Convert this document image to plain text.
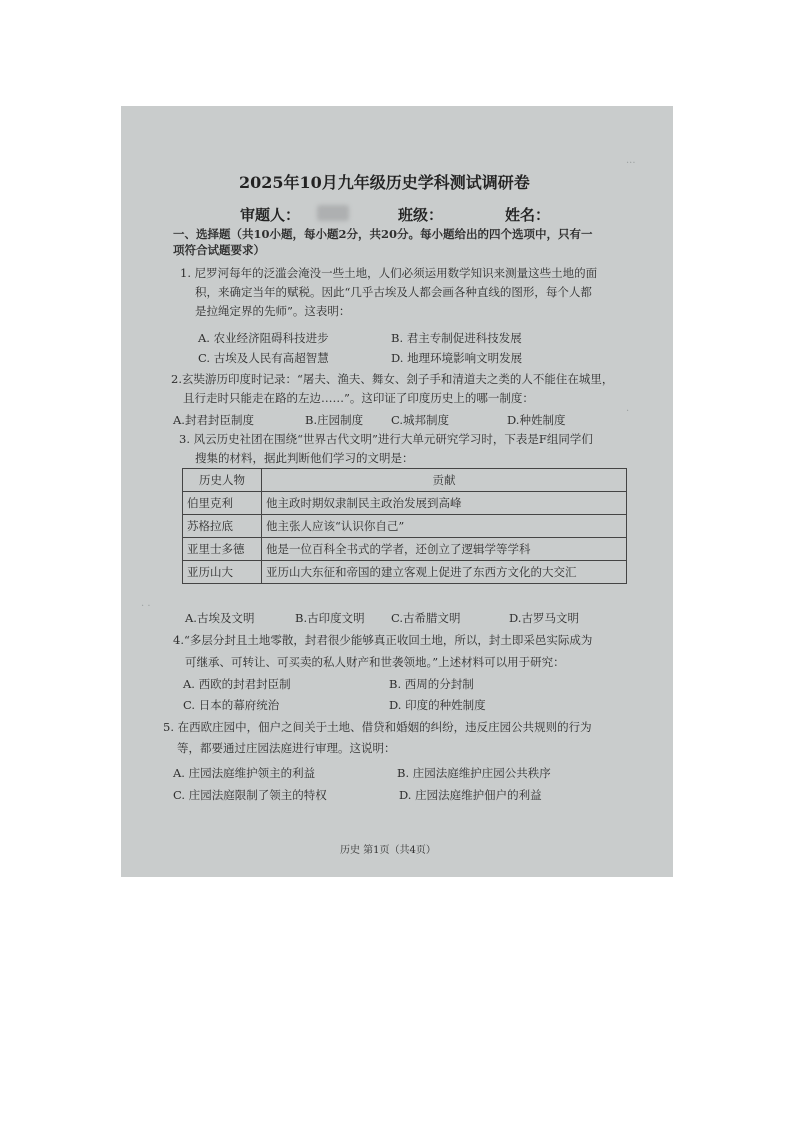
···
· ·
·
2025年10月九年级历史学科测试调研卷
审题人：	班级：	姓名：
一、选择题（共10小题，每小题2分，共20分。每小题给出的四个选项中，只有一
项符合试题要求）
1. 尼罗河每年的泛滥会淹没一些土地，人们必须运用数学知识来测量这些土地的面
积，来确定当年的赋税。因此“几乎古埃及人都会画各种直线的图形，每个人都
是拉绳定界的先师”。这表明：
A. 农业经济阻碍科技进步	B. 君主专制促进科技发展
C. 古埃及人民有高超智慧	D. 地理环境影响文明发展
2.玄奘游历印度时记录：“屠夫、渔夫、舞女、刽子手和清道夫之类的人不能住在城里，
且行走时只能走在路的左边……”。这印证了印度历史上的哪一制度：
A.封君封臣制度	B.庄园制度 C.城邦制度	D.种姓制度
3. 风云历史社团在围绕“世界古代文明”进行大单元研究学习时，下表是F组同学们
搜集的材料，据此判断他们学习的文明是：
历史人物	贡献
伯里克利	他主政时期奴隶制民主政治发展到高峰
苏格拉底	他主张人应该“认识你自己”
亚里士多德	他是一位百科全书式的学者，还创立了逻辑学等学科
亚历山大	亚历山大东征和帝国的建立客观上促进了东西方文化的大交汇
A.古埃及文明	B.古印度文明 C.古希腊文明	D.古罗马文明
4.“多层分封且土地零散，封君很少能够真正收回土地，所以，封土即采邑实际成为
可继承、可转让、可买卖的私人财产和世袭领地。”上述材料可以用于研究：
A. 西欧的封君封臣制	B. 西周的分封制
C. 日本的幕府统治	D. 印度的种姓制度
5. 在西欧庄园中，佃户之间关于土地、借贷和婚姻的纠纷，违反庄园公共规则的行为
等，都要通过庄园法庭进行审理。这说明：
A. 庄园法庭维护领主的利益	B. 庄园法庭维护庄园公共秩序
C. 庄园法庭限制了领主的特权	D. 庄园法庭维护佃户的利益
历史 第1页（共4页）
